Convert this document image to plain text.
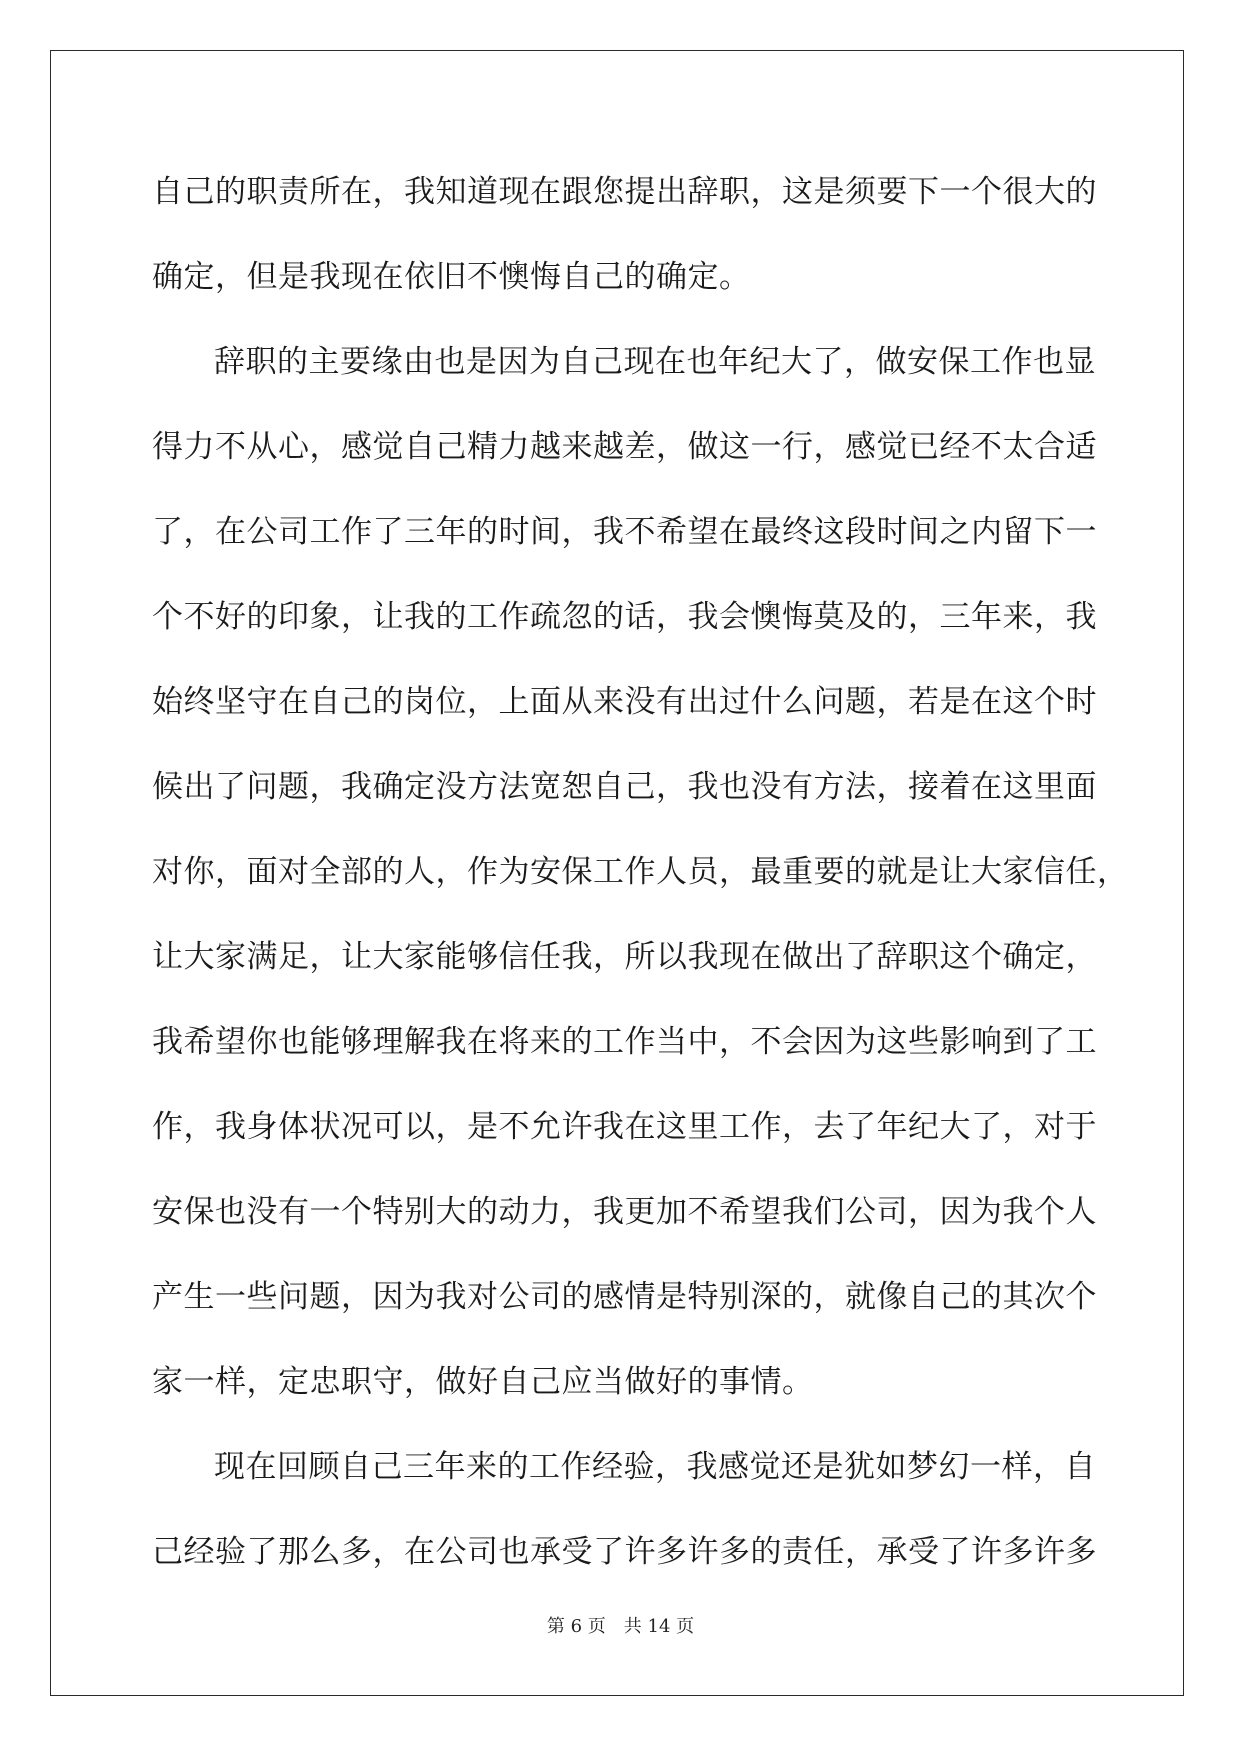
自己的职责所在，我知道现在跟您提出辞职，这是须要下一个很大的
确定，但是我现在依旧不懊悔自己的确定。
辞职的主要缘由也是因为自己现在也年纪大了，做安保工作也显
得力不从心，感觉自己精力越来越差，做这一行，感觉已经不太合适
了，在公司工作了三年的时间，我不希望在最终这段时间之内留下一
个不好的印象，让我的工作疏忽的话，我会懊悔莫及的，三年来，我
始终坚守在自己的岗位，上面从来没有出过什么问题，若是在这个时
候出了问题，我确定没方法宽恕自己，我也没有方法，接着在这里面
对你，面对全部的人，作为安保工作人员，最重要的就是让大家信任，
让大家满足，让大家能够信任我，所以我现在做出了辞职这个确定，
我希望你也能够理解我在将来的工作当中，不会因为这些影响到了工
作，我身体状况可以，是不允许我在这里工作，去了年纪大了，对于
安保也没有一个特别大的动力，我更加不希望我们公司，因为我个人
产生一些问题，因为我对公司的感情是特别深的，就像自己的其次个
家一样，定忠职守，做好自己应当做好的事情。
现在回顾自己三年来的工作经验，我感觉还是犹如梦幻一样，自
己经验了那么多，在公司也承受了许多许多的责任，承受了许多许多
第 6 页　共 14 页
